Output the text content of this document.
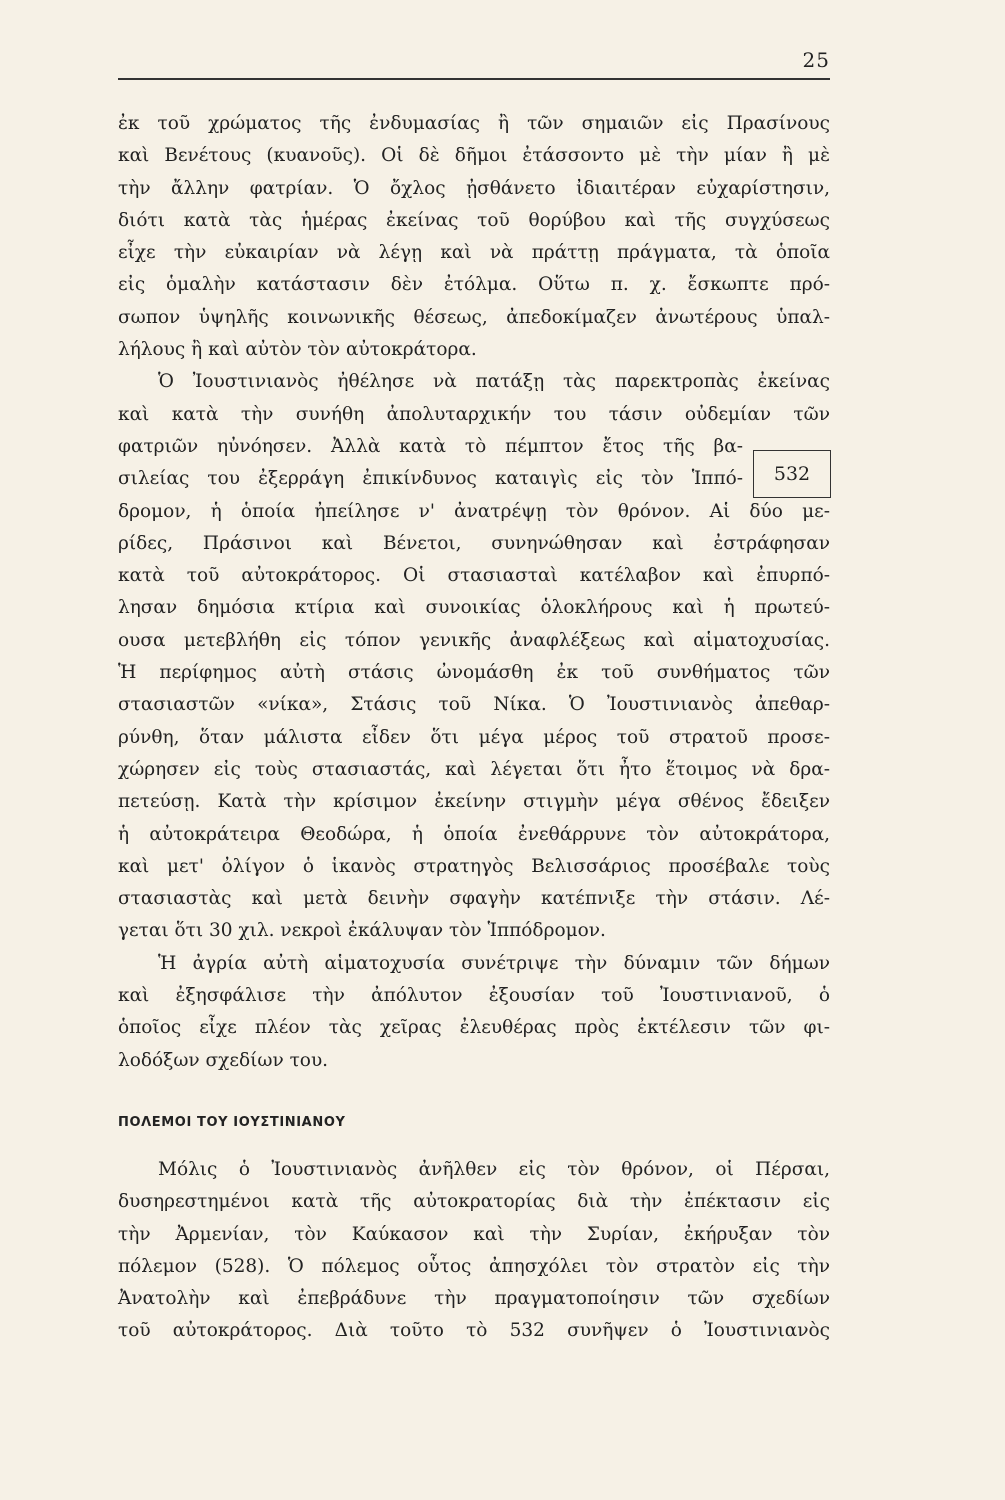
25
ἐκ τοῦ χρώματος τῆς ἐνδυμασίας ἢ τῶν σημαιῶν εἰς Πρασίνους
καὶ Βενέτους (κυανοῦς). Οἱ δὲ δῆμοι ἐτάσσοντο μὲ τὴν μίαν ἢ μὲ
τὴν ἄλλην φατρίαν. Ὁ ὄχλος ᾐσθάνετο ἰδιαιτέραν εὐχαρίστησιν,
διότι κατὰ τὰς ἡμέρας ἐκείνας τοῦ θορύβου καὶ τῆς συγχύσεως
εἶχε τὴν εὐκαιρίαν νὰ λέγῃ καὶ νὰ πράττῃ πράγματα, τὰ ὁποῖα
εἰς ὁμαλὴν κατάστασιν δὲν ἐτόλμα. Οὕτω π. χ. ἔσκωπτε πρό-
σωπον ὑψηλῆς κοινωνικῆς θέσεως, ἀπεδοκίμαζεν ἀνωτέρους ὑπαλ-
λήλους ἢ καὶ αὐτὸν τὸν αὐτοκράτορα.
Ὁ Ἰουστινιανὸς ἠθέλησε νὰ πατάξῃ τὰς παρεκτροπὰς ἐκείνας
καὶ κατὰ τὴν συνήθη ἀπολυταρχικήν του τάσιν οὐδεμίαν τῶν
φατριῶν ηὐνόησεν. Ἀλλὰ κατὰ τὸ πέμπτον ἔτος τῆς βα-
σιλείας του ἐξερράγη ἐπικίνδυνος καταιγὶς εἰς τὸν Ἱππό-
δρομον, ἡ ὁποία ἠπείλησε ν' ἀνατρέψῃ τὸν θρόνον. Αἱ δύο με-
ρίδες, Πράσινοι καὶ Βένετοι, συνηνώθησαν καὶ ἐστράφησαν
κατὰ τοῦ αὐτοκράτορος. Οἱ στασιασταὶ κατέλαβον καὶ ἐπυρπό-
λησαν δημόσια κτίρια καὶ συνοικίας ὁλοκλήρους καὶ ἡ πρωτεύ-
ουσα μετεβλήθη εἰς τόπον γενικῆς ἀναφλέξεως καὶ αἱματοχυσίας.
Ἡ περίφημος αὐτὴ στάσις ὠνομάσθη ἐκ τοῦ συνθήματος τῶν
στασιαστῶν «νίκα», Στάσις τοῦ Νίκα. Ὁ Ἰουστινιανὸς ἀπεθαρ-
ρύνθη, ὅταν μάλιστα εἶδεν ὅτι μέγα μέρος τοῦ στρατοῦ προσε-
χώρησεν εἰς τοὺς στασιαστάς, καὶ λέγεται ὅτι ἦτο ἕτοιμος νὰ δρα-
πετεύσῃ. Κατὰ τὴν κρίσιμον ἐκείνην στιγμὴν μέγα σθένος ἔδειξεν
ἡ αὐτοκράτειρα Θεοδώρα, ἡ ὁποία ἐνεθάρρυνε τὸν αὐτοκράτορα,
καὶ μετ' ὀλίγον ὁ ἱκανὸς στρατηγὸς Βελισσάριος προσέβαλε τοὺς
στασιαστὰς καὶ μετὰ δεινὴν σφαγὴν κατέπνιξε τὴν στάσιν. Λέ-
γεται ὅτι 30 χιλ. νεκροὶ ἐκάλυψαν τὸν Ἱππόδρομον.
Ἡ ἀγρία αὐτὴ αἱματοχυσία συνέτριψε τὴν δύναμιν τῶν δήμων
καὶ ἐξησφάλισε τὴν ἀπόλυτον ἐξουσίαν τοῦ Ἰουστινιανοῦ, ὁ
ὁποῖος εἶχε πλέον τὰς χεῖρας ἐλευθέρας πρὸς ἐκτέλεσιν τῶν φι-
λοδόξων σχεδίων του.
532
ΠΟΛΕΜΟΙ ΤΟΥ ΙΟΥΣΤΙΝΙΑΝΟΥ
Μόλις ὁ Ἰουστινιανὸς ἀνῆλθεν εἰς τὸν θρόνον, οἱ Πέρσαι,
δυσηρεστημένοι κατὰ τῆς αὐτοκρατορίας διὰ τὴν ἐπέκτασιν εἰς
τὴν Ἀρμενίαν, τὸν Καύκασον καὶ τὴν Συρίαν, ἐκήρυξαν τὸν
πόλεμον (528). Ὁ πόλεμος οὗτος ἀπησχόλει τὸν στρατὸν εἰς τὴν
Ἀνατολὴν καὶ ἐπεβράδυνε τὴν πραγματοποίησιν τῶν σχεδίων
τοῦ αὐτοκράτορος. Διὰ τοῦτο τὸ 532 συνῆψεν ὁ Ἰουστινιανὸς
